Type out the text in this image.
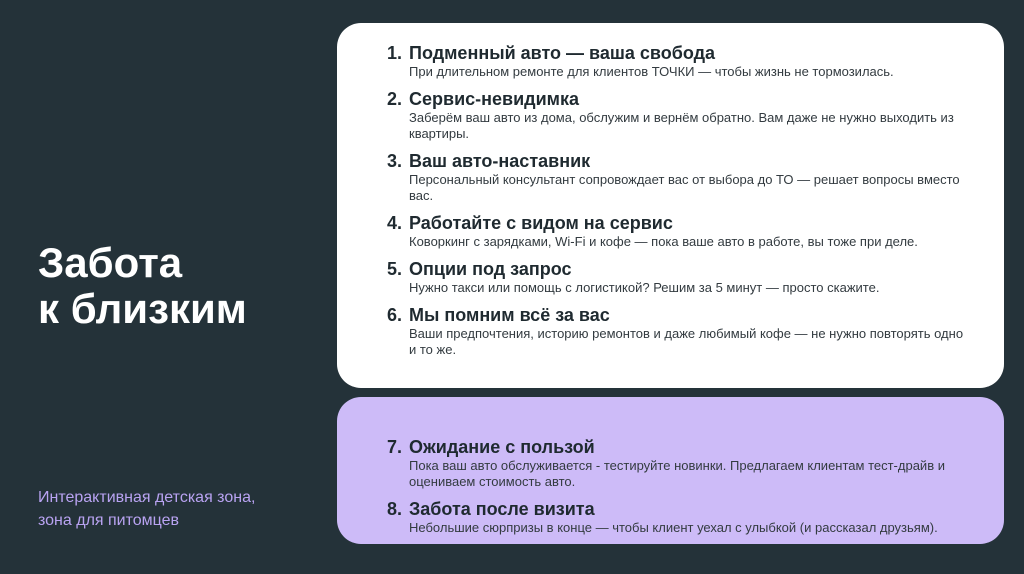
Забота
к близким
Интерактивная детская зона,
зона для питомцев
1. Подменный авто — ваша свобода
При длительном ремонте для клиентов ТОЧКИ — чтобы жизнь не тормозилась.
2. Сервис-невидимка
Заберём ваш авто из дома, обслужим и вернём обратно. Вам даже не нужно выходить из квартиры.
3. Ваш авто-наставник
Персональный консультант сопровождает вас от выбора до ТО — решает вопросы вместо вас.
4. Работайте с видом на сервис
Коворкинг с зарядками, Wi-Fi и кофе — пока ваше авто в работе, вы тоже при деле.
5. Опции под запрос
Нужно такси или помощь с логистикой? Решим за 5 минут — просто скажите.
6. Мы помним всё за вас
Ваши предпочтения, историю ремонтов и даже любимый кофе — не нужно повторять одно и то же.
7. Ожидание с пользой
Пока ваш авто обслуживается - тестируйте новинки. Предлагаем клиентам тест-драйв и оцениваем стоимость авто.
8. Забота после визита
Небольшие сюрпризы в конце — чтобы клиент уехал с улыбкой (и рассказал друзьям).
